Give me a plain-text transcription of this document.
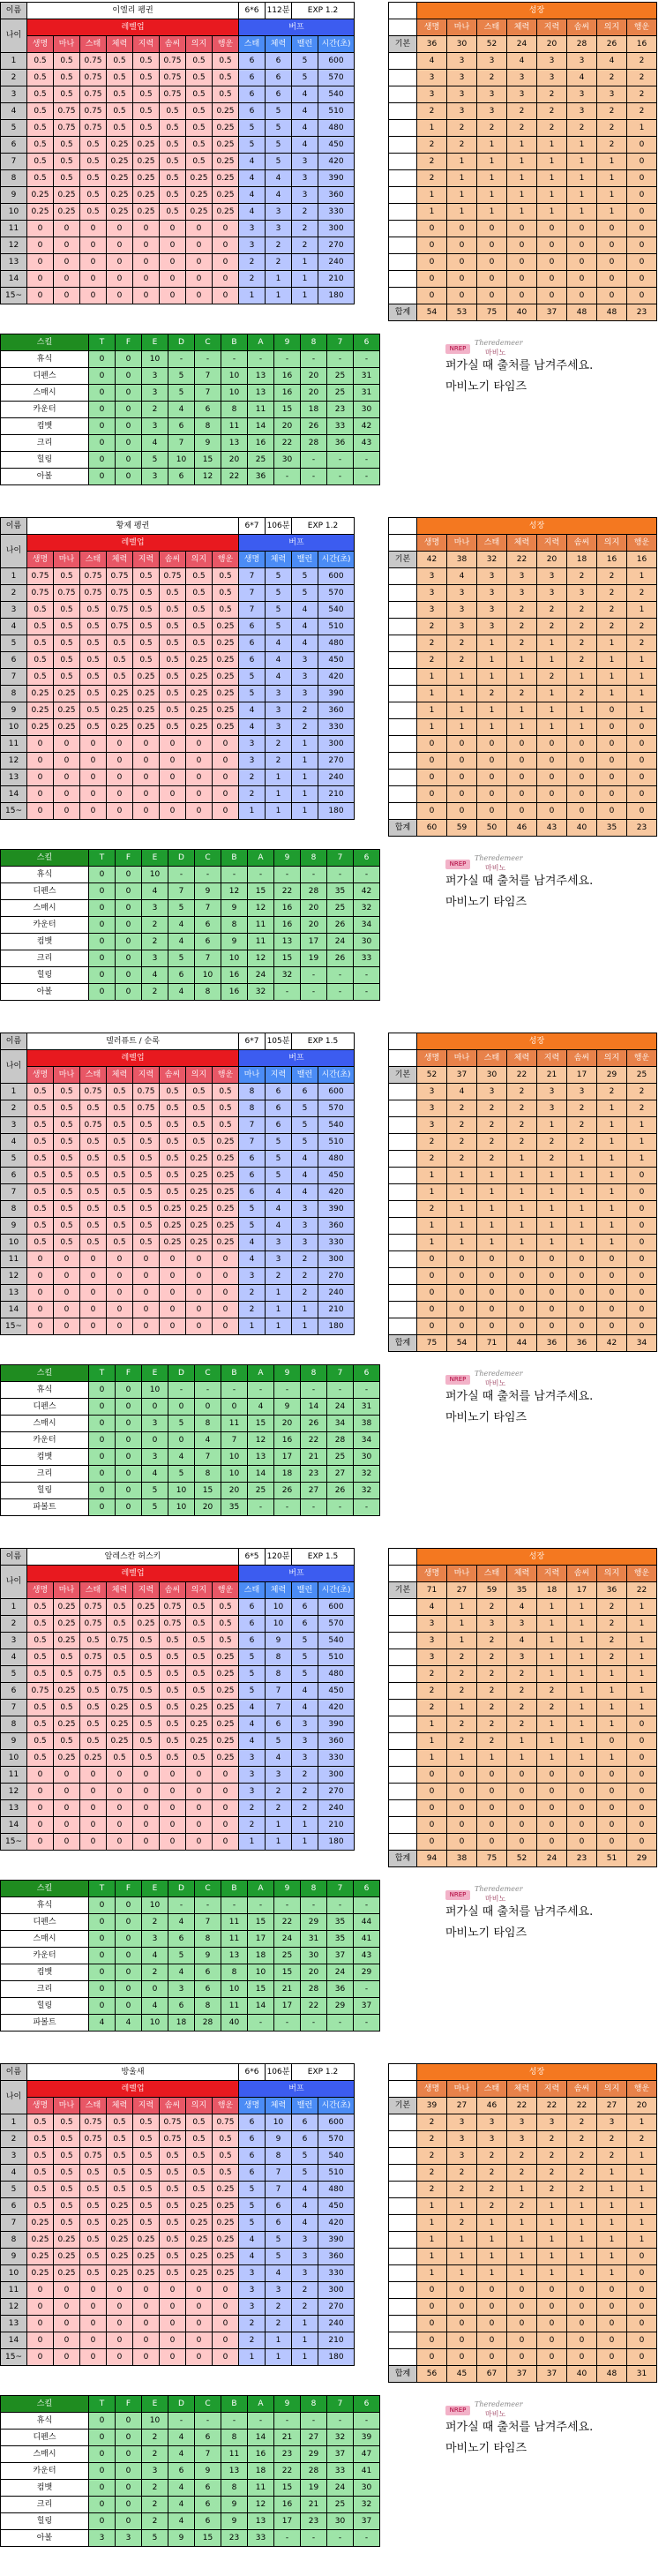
이름	이엘리 펭귄								6*6	112분	EXP 1.2	
나이	레벨업								버프			
	생명	마나	스태	체력	지력	솜씨	의지	행운	스태	체력	밸런	시간(초)
1	0.5	0.5	0.75	0.5	0.5	0.75	0.5	0.5	6	6	5	600
2	0.5	0.5	0.75	0.5	0.5	0.75	0.5	0.5	6	6	5	570
3	0.5	0.5	0.75	0.5	0.5	0.75	0.5	0.5	6	6	4	540
4	0.5	0.75	0.75	0.5	0.5	0.5	0.5	0.25	6	5	4	510
5	0.5	0.75	0.75	0.5	0.5	0.5	0.5	0.25	5	5	4	480
6	0.5	0.5	0.5	0.25	0.25	0.5	0.5	0.25	5	5	4	450
7	0.5	0.5	0.5	0.25	0.25	0.5	0.5	0.25	4	5	3	420
8	0.5	0.5	0.5	0.25	0.25	0.5	0.25	0.25	4	4	3	390
9	0.25	0.25	0.5	0.25	0.25	0.5	0.25	0.25	4	4	3	360
10	0.25	0.25	0.5	0.25	0.25	0.5	0.25	0.25	4	3	2	330
11	0	0	0	0	0	0	0	0	3	3	2	300
12	0	0	0	0	0	0	0	0	3	2	2	270
13	0	0	0	0	0	0	0	0	2	2	1	240
14	0	0	0	0	0	0	0	0	2	1	1	210
15~	0	0	0	0	0	0	0	0	1	1	1	180
	성장							
	생명	마나	스태	체력	지력	솜씨	의지	행운
기본	36	30	52	24	20	28	26	16
	4	3	3	4	3	3	4	2
	3	3	2	3	3	4	2	2
	3	3	3	3	2	3	3	2
	2	3	3	2	2	3	2	2
	1	2	2	2	2	2	2	1
	2	2	1	1	1	1	2	0
	2	1	1	1	1	1	1	0
	2	1	1	1	1	1	1	0
	1	1	1	1	1	1	1	0
	1	1	1	1	1	1	1	0
	0	0	0	0	0	0	0	0
	0	0	0	0	0	0	0	0
	0	0	0	0	0	0	0	0
	0	0	0	0	0	0	0	0
	0	0	0	0	0	0	0	0
합계	54	53	75	40	37	48	48	23
스킬	T	F	E	D	C	B	A	9	8	7	6
휴식	0	0	10	-	-	-	-	-	-	-	-
디펜스	0	0	3	5	7	10	13	16	20	25	31
스매시	0	0	3	5	7	10	13	16	20	25	31
카운터	0	0	2	4	6	8	11	15	18	23	30
컴뱃	0	0	3	6	8	11	14	20	26	33	42
크리	0	0	4	7	9	13	16	22	28	36	43
힐링	0	0	5	10	15	20	25	30	-	-	-
아볼	0	0	3	6	12	22	36	-	-	-	-
NREP
Theredemeer
마비노
퍼가실 때 출처를 남겨주세요.
마비노기 타임즈
이름	황제 펭귄								6*7	106분	EXP 1.2	
나이	레벨업								버프			
	생명	마나	스태	체력	지력	솜씨	의지	행운	생명	체력	밸런	시간(초)
1	0.75	0.5	0.75	0.75	0.5	0.75	0.5	0.5	7	5	5	600
2	0.75	0.75	0.75	0.75	0.5	0.5	0.5	0.5	7	5	5	570
3	0.5	0.5	0.5	0.75	0.5	0.5	0.5	0.5	7	5	4	540
4	0.5	0.5	0.5	0.75	0.5	0.5	0.5	0.25	6	5	4	510
5	0.5	0.5	0.5	0.5	0.5	0.5	0.5	0.25	6	4	4	480
6	0.5	0.5	0.5	0.5	0.5	0.5	0.25	0.25	6	4	3	450
7	0.5	0.5	0.5	0.5	0.25	0.5	0.25	0.25	5	4	3	420
8	0.25	0.25	0.5	0.25	0.25	0.5	0.25	0.25	5	3	3	390
9	0.25	0.25	0.5	0.25	0.25	0.5	0.25	0.25	4	3	2	360
10	0.25	0.25	0.5	0.25	0.25	0.5	0.25	0.25	4	3	2	330
11	0	0	0	0	0	0	0	0	3	2	1	300
12	0	0	0	0	0	0	0	0	3	2	1	270
13	0	0	0	0	0	0	0	0	2	1	1	240
14	0	0	0	0	0	0	0	0	2	1	1	210
15~	0	0	0	0	0	0	0	0	1	1	1	180
	성장							
	생명	마나	스태	체력	지력	솜씨	의지	행운
기본	42	38	32	22	20	18	16	16
	3	4	3	3	3	2	2	1
	3	3	3	3	3	3	2	2
	3	3	3	2	2	2	2	1
	2	3	3	2	2	2	2	2
	2	2	1	2	1	2	1	2
	2	2	1	1	1	2	1	1
	1	1	1	1	2	1	1	1
	1	1	2	2	1	2	1	1
	1	1	1	1	1	1	0	1
	1	1	1	1	1	1	0	0
	0	0	0	0	0	0	0	0
	0	0	0	0	0	0	0	0
	0	0	0	0	0	0	0	0
	0	0	0	0	0	0	0	0
	0	0	0	0	0	0	0	0
합계	60	59	50	46	43	40	35	23
스킬	T	F	E	D	C	B	A	9	8	7	6
휴식	0	0	10	-	-	-	-	-	-	-	-
디펜스	0	0	4	7	9	12	15	22	28	35	42
스매시	0	0	3	5	7	9	12	16	20	25	32
카운터	0	0	2	4	6	8	11	16	20	26	34
컴뱃	0	0	2	4	6	9	11	13	17	24	30
크리	0	0	3	5	7	10	12	15	19	26	33
힐링	0	0	4	6	10	16	24	32	-	-	-
아볼	0	0	2	4	8	16	32	-	-	-	-
NREP
Theredemeer
마비노
퍼가실 때 출처를 남겨주세요.
마비노기 타임즈
이름	델러퓨트 / 순록								6*7	105분	EXP 1.5	
나이	레벨업								버프			
	생명	마나	스태	체력	지력	솜씨	의지	행운	마나	지력	밸런	시간(초)
1	0.5	0.5	0.75	0.5	0.75	0.5	0.5	0.5	8	6	6	600
2	0.5	0.5	0.5	0.5	0.75	0.5	0.5	0.5	8	6	5	570
3	0.5	0.5	0.75	0.5	0.5	0.5	0.5	0.5	7	6	5	540
4	0.5	0.5	0.5	0.5	0.5	0.5	0.5	0.25	7	5	5	510
5	0.5	0.5	0.5	0.5	0.5	0.5	0.25	0.25	6	5	4	480
6	0.5	0.5	0.5	0.5	0.5	0.5	0.25	0.25	6	5	4	450
7	0.5	0.5	0.5	0.5	0.5	0.5	0.25	0.25	6	4	4	420
8	0.5	0.5	0.5	0.5	0.5	0.25	0.25	0.25	5	4	3	390
9	0.5	0.5	0.5	0.5	0.5	0.25	0.25	0.25	5	4	3	360
10	0.5	0.5	0.5	0.5	0.5	0.25	0.25	0.25	4	3	3	330
11	0	0	0	0	0	0	0	0	4	3	2	300
12	0	0	0	0	0	0	0	0	3	2	2	270
13	0	0	0	0	0	0	0	0	2	1	2	240
14	0	0	0	0	0	0	0	0	2	1	1	210
15~	0	0	0	0	0	0	0	0	1	1	1	180
	성장							
	생명	마나	스태	체력	지력	솜씨	의지	행운
기본	52	37	30	22	21	17	29	25
	3	4	3	2	3	3	2	2
	3	2	2	2	3	2	1	2
	3	2	2	2	1	2	1	1
	2	2	2	2	2	2	1	1
	2	2	2	1	2	1	1	1
	1	1	1	1	1	1	1	0
	1	1	1	1	1	1	1	0
	2	1	1	1	1	1	1	0
	1	1	1	1	1	1	1	0
	1	1	1	1	1	1	1	0
	0	0	0	0	0	0	0	0
	0	0	0	0	0	0	0	0
	0	0	0	0	0	0	0	0
	0	0	0	0	0	0	0	0
	0	0	0	0	0	0	0	0
합계	75	54	71	44	36	36	42	34
스킬	T	F	E	D	C	B	A	9	8	7	6
휴식	0	0	10	-	-	-	-	-	-	-	-
디펜스	0	0	0	0	0	0	4	9	14	24	31
스매시	0	0	3	5	8	11	15	20	26	34	38
카운터	0	0	0	0	4	7	12	16	22	28	34
컴뱃	0	0	3	4	7	10	13	17	21	25	30
크리	0	0	4	5	8	10	14	18	23	27	32
힐링	0	0	5	10	15	20	25	26	27	26	32
파볼트	0	0	5	10	20	35	-	-	-	-	-
NREP
Theredemeer
마비노
퍼가실 때 출처를 남겨주세요.
마비노기 타임즈
이름	알레스칸 허스키								6*5	120분	EXP 1.5	
나이	레벨업								버프			
	생명	마나	스태	체력	지력	솜씨	의지	행운	스태	체력	밸런	시간(초)
1	0.5	0.25	0.75	0.5	0.25	0.75	0.5	0.5	6	10	6	600
2	0.5	0.25	0.75	0.5	0.25	0.75	0.5	0.5	6	10	6	570
3	0.5	0.25	0.5	0.75	0.5	0.5	0.5	0.5	6	9	5	540
4	0.5	0.5	0.75	0.5	0.5	0.5	0.5	0.25	5	8	5	510
5	0.5	0.5	0.75	0.5	0.5	0.5	0.5	0.25	5	8	5	480
6	0.75	0.25	0.5	0.75	0.5	0.5	0.5	0.25	5	7	4	450
7	0.5	0.5	0.5	0.25	0.5	0.5	0.25	0.25	4	7	4	420
8	0.5	0.25	0.5	0.25	0.5	0.5	0.25	0.25	4	6	3	390
9	0.5	0.5	0.5	0.25	0.5	0.5	0.25	0.25	4	5	3	360
10	0.5	0.25	0.25	0.5	0.5	0.5	0.5	0.25	3	4	3	330
11	0	0	0	0	0	0	0	0	3	3	2	300
12	0	0	0	0	0	0	0	0	3	2	2	270
13	0	0	0	0	0	0	0	0	2	2	2	240
14	0	0	0	0	0	0	0	0	2	1	1	210
15~	0	0	0	0	0	0	0	0	1	1	1	180
	성장							
	생명	마나	스태	체력	지력	솜씨	의지	행운
기본	71	27	59	35	18	17	36	22
	4	1	2	4	1	1	2	1
	3	1	3	3	1	1	2	1
	3	1	2	4	1	1	2	1
	3	2	2	3	1	1	2	1
	2	2	2	2	1	1	1	1
	2	2	2	2	2	1	1	1
	2	1	2	2	2	1	1	1
	1	2	2	2	1	1	1	0
	1	2	2	1	1	1	0	0
	1	1	1	1	1	1	1	0
	0	0	0	0	0	0	0	0
	0	0	0	0	0	0	0	0
	0	0	0	0	0	0	0	0
	0	0	0	0	0	0	0	0
	0	0	0	0	0	0	0	0
합계	94	38	75	52	24	23	51	29
스킬	T	F	E	D	C	B	A	9	8	7	6
휴식	0	0	10	-	-	-	-	-	-	-	-
디펜스	0	0	2	4	7	11	15	22	29	35	44
스매시	0	0	3	6	8	11	17	24	31	35	41
카운터	0	0	4	5	9	13	18	25	30	37	43
컴뱃	0	0	2	4	6	8	10	15	20	24	29
크리	0	0	0	3	6	10	15	21	28	36	-
힐링	0	0	4	6	8	11	14	17	22	29	37
파볼트	4	4	10	18	28	40	-	-	-	-	-
NREP
Theredemeer
마비노
퍼가실 때 출처를 남겨주세요.
마비노기 타임즈
이름	방울새								6*6	106분	EXP 1.2	
나이	레벨업								버프			
	생명	마나	스태	체력	지력	솜씨	의지	행운	생명	체력	밸런	시간(초)
1	0.5	0.5	0.75	0.5	0.5	0.75	0.5	0.75	6	10	6	600
2	0.5	0.5	0.75	0.5	0.5	0.75	0.5	0.5	6	9	6	570
3	0.5	0.5	0.75	0.5	0.5	0.5	0.5	0.5	6	8	5	540
4	0.5	0.5	0.5	0.5	0.5	0.5	0.5	0.5	6	7	5	510
5	0.5	0.5	0.5	0.5	0.5	0.5	0.5	0.25	5	7	4	480
6	0.5	0.5	0.5	0.25	0.5	0.5	0.25	0.25	5	6	4	450
7	0.25	0.5	0.5	0.25	0.5	0.5	0.25	0.25	5	6	4	420
8	0.25	0.25	0.5	0.25	0.25	0.5	0.25	0.25	4	5	3	390
9	0.25	0.25	0.5	0.25	0.25	0.5	0.25	0.25	4	5	3	360
10	0.25	0.25	0.5	0.25	0.25	0.5	0.25	0.25	3	4	3	330
11	0	0	0	0	0	0	0	0	3	3	2	300
12	0	0	0	0	0	0	0	0	3	2	2	270
13	0	0	0	0	0	0	0	0	2	2	1	240
14	0	0	0	0	0	0	0	0	2	1	1	210
15~	0	0	0	0	0	0	0	0	1	1	1	180
	성장							
	생명	마나	스태	체력	지력	솜씨	의지	행운
기본	39	27	46	22	22	22	27	20
	2	3	3	3	3	2	3	1
	2	3	3	3	2	2	2	2
	2	3	2	2	2	2	2	1
	2	2	2	2	2	2	1	1
	2	2	2	1	2	2	1	1
	1	1	2	2	1	1	1	1
	1	2	1	1	1	1	1	1
	1	1	1	1	1	1	1	1
	1	1	1	1	1	1	1	0
	1	1	1	1	1	1	1	0
	0	0	0	0	0	0	0	0
	0	0	0	0	0	0	0	0
	0	0	0	0	0	0	0	0
	0	0	0	0	0	0	0	0
	0	0	0	0	0	0	0	0
합계	56	45	67	37	37	40	48	31
스킬	T	F	E	D	C	B	A	9	8	7	6
휴식	0	0	10	-	-	-	-	-	-	-	-
디펜스	0	0	2	4	6	8	14	21	27	32	39
스매시	0	0	2	4	7	11	16	23	29	37	47
카운터	0	0	3	6	9	13	18	22	28	33	41
컴뱃	0	0	2	4	6	8	11	15	19	24	30
크리	0	0	2	4	6	9	12	16	21	25	32
힐링	0	0	2	4	6	9	13	17	23	30	37
아볼	3	3	5	9	15	23	33	-	-	-	-
NREP
Theredemeer
마비노
퍼가실 때 출처를 남겨주세요.
마비노기 타임즈
